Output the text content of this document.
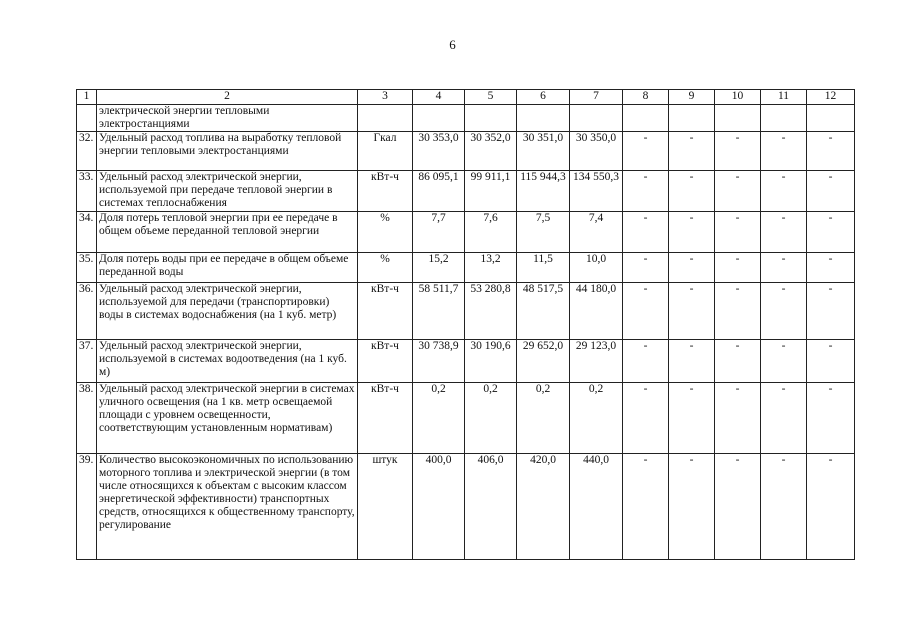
6
1	2	3	4	5	6	7	8	9	10	11	12
	электрической энергии тепловыми электростанциями										
32.	Удельный расход топлива на выработку тепловой энергии тепловыми электростанциями	Гкал	30 353,0	30 352,0	30 351,0	30 350,0	-	-	-	-	-
33.	Удельный расход электрической энергии, используемой при передаче тепловой энергии в системах теплоснабжения	кВт-ч	86 095,1	99 911,1	115 944,3	134 550,3	-	-	-	-	-
34.	Доля потерь тепловой энергии при ее передаче в общем объеме переданной тепловой энергии	%	7,7	7,6	7,5	7,4	-	-	-	-	-
35.	Доля потерь воды при ее передаче в общем объеме переданной воды	%	15,2	13,2	11,5	10,0	-	-	-	-	-
36.	Удельный расход электрической энергии, используемой для передачи (транспортировки) воды в системах водоснабжения (на 1 куб. метр)	кВт-ч	58 511,7	53 280,8	48 517,5	44 180,0	-	-	-	-	-
37.	Удельный расход электрической энергии, используемой в системах водоотведения (на 1 куб. м)	кВт-ч	30 738,9	30 190,6	29 652,0	29 123,0	-	-	-	-	-
38.	Удельный расход электрической энергии в системах уличного освещения (на 1 кв. метр освещаемой площади с уровнем освещенности, соответствующим установленным нормативам)	кВт-ч	0,2	0,2	0,2	0,2	-	-	-	-	-
39.	Количество высокоэкономичных по использованию моторного топлива и электрической энергии (в том числе относящихся к объектам с высоким классом энергетической эффективности) транспортных средств, относящихся к общественному транспорту, регулирование	штук	400,0	406,0	420,0	440,0	-	-	-	-	-
